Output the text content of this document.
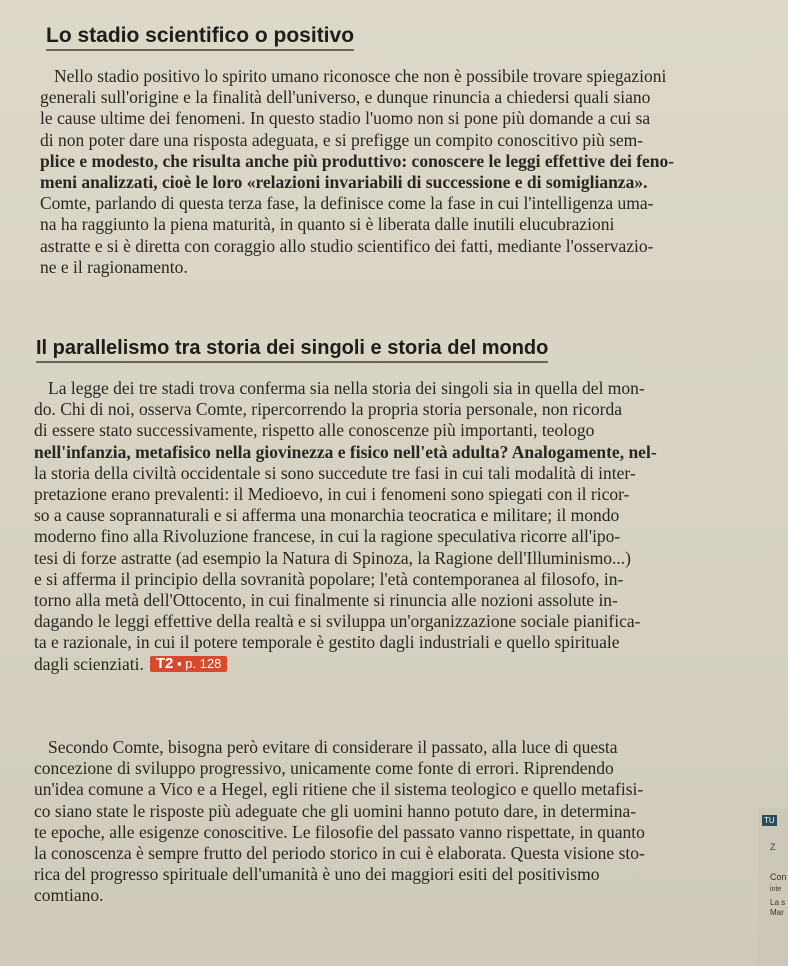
Lo stadio scientifico o positivo
Nello stadio positivo lo spirito umano riconosce che non è possibile trovare spiegazioni
generali sull'origine e la finalità dell'universo, e dunque rinuncia a chiedersi quali siano
le cause ultime dei fenomeni. In questo stadio l'uomo non si pone più domande a cui sa
di non poter dare una risposta adeguata, e si prefigge un compito conoscitivo più sem-
plice e modesto, che risulta anche più produttivo: conoscere le leggi effettive dei feno-
meni analizzati, cioè le loro «relazioni invariabili di successione e di somiglianza».
Comte, parlando di questa terza fase, la definisce come la fase in cui l'intelligenza uma-
na ha raggiunto la piena maturità, in quanto si è liberata dalle inutili elucubrazioni
astratte e si è diretta con coraggio allo studio scientifico dei fatti, mediante l'osservazio-
ne e il ragionamento.
Il parallelismo tra storia dei singoli e storia del mondo
La legge dei tre stadi trova conferma sia nella storia dei singoli sia in quella del mon-
do. Chi di noi, osserva Comte, ripercorrendo la propria storia personale, non ricorda
di essere stato successivamente, rispetto alle conoscenze più importanti, teologo
nell'infanzia, metafisico nella giovinezza e fisico nell'età adulta? Analogamente, nel-
la storia della civiltà occidentale si sono succedute tre fasi in cui tali modalità di inter-
pretazione erano prevalenti: il Medioevo, in cui i fenomeni sono spiegati con il ricor-
so a cause soprannaturali e si afferma una monarchia teocratica e militare; il mondo
moderno fino alla Rivoluzione francese, in cui la ragione speculativa ricorre all'ipo-
tesi di forze astratte (ad esempio la Natura di Spinoza, la Ragione dell'Illuminismo...)
e si afferma il principio della sovranità popolare; l'età contemporanea al filosofo, in-
torno alla metà dell'Ottocento, in cui finalmente si rinuncia alle nozioni assolute in-
dagando le leggi effettive della realtà e si sviluppa un'organizzazione sociale pianifica-
ta e razionale, in cui il potere temporale è gestito dagli industriali e quello spirituale
dagli scienziati. T2 ▪ p. 128
Secondo Comte, bisogna però evitare di considerare il passato, alla luce di questa
concezione di sviluppo progressivo, unicamente come fonte di errori. Riprendendo
un'idea comune a Vico e a Hegel, egli ritiene che il sistema teologico e quello metafisi-
co siano state le risposte più adeguate che gli uomini hanno potuto dare, in determina-
te epoche, alle esigenze conoscitive. Le filosofie del passato vanno rispettate, in quanto
la conoscenza è sempre frutto del periodo storico in cui è elaborata. Questa visione sto-
rica del progresso spirituale dell'umanità è uno dei maggiori esiti del positivismo
comtiano.
TU
Z
Con
inte
La s
Mar
